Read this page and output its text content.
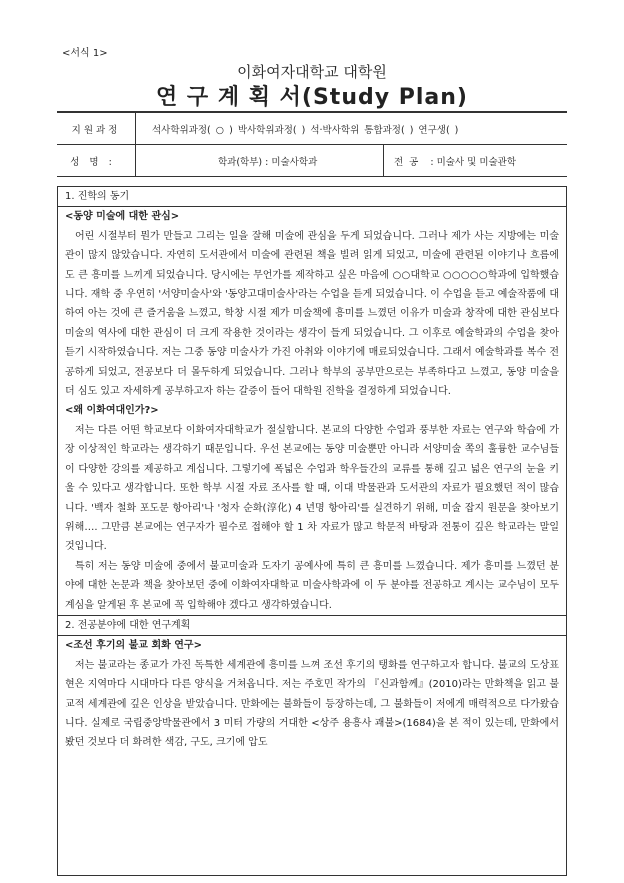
<서식 1>
이화여자대학교 대학원
연 구 계 획 서(Study Plan)
지원과정	석사학위과정( ○ ) 박사학위과정( ) 석·박사학위 통합과정( ) 연구생( )		
성명:		학과(학부) : 미술사학과	전공 : 미술사 및 미술관학
1. 진학의 동기
<동양 미술에 대한 관심>
어린 시절부터 뭔가 만들고 그리는 일을 잘해 미술에 관심을 두게 되었습니다. 그러나 제가 사는 지방에는 미술관이 많지 않았습니다. 자연히 도서관에서 미술에 관련된 책을 빌려 읽게 되었고, 미술에 관련된 이야기나 흐름에도 큰 흥미를 느끼게 되었습니다. 당시에는 무언가를 제작하고 싶은 마음에 ○○대학교 ○○○○○학과에 입학했습니다. 재학 중 우연히 '서양미술사'와 '동양고대미술사'라는 수업을 듣게 되었습니다. 이 수업을 듣고 예술작품에 대하여 아는 것에 큰 즐거움을 느꼈고, 학창 시절 제가 미술책에 흥미를 느꼈던 이유가 미술과 창작에 대한 관심보다 미술의 역사에 대한 관심이 더 크게 작용한 것이라는 생각이 들게 되었습니다. 그 이후로 예술학과의 수업을 찾아 듣기 시작하였습니다. 저는 그중 동양 미술사가 가진 아취와 이야기에 매료되었습니다. 그래서 예술학과를 복수 전공하게 되었고, 전공보다 더 몰두하게 되었습니다. 그러나 학부의 공부만으로는 부족하다고 느꼈고, 동양 미술을 더 심도 있고 자세하게 공부하고자 하는 갈증이 들어 대학원 진학을 결정하게 되었습니다.
<왜 이화여대인가?>
저는 다른 어떤 학교보다 이화여자대학교가 절실합니다. 본교의 다양한 수업과 풍부한 자료는 연구와 학습에 가장 이상적인 학교라는 생각하기 때문입니다. 우선 본교에는 동양 미술뿐만 아니라 서양미술 쪽의 훌륭한 교수님들이 다양한 강의를 제공하고 계십니다. 그렇기에 폭넓은 수업과 학우들간의 교류를 통해 깊고 넓은 연구의 눈을 키울 수 있다고 생각합니다. 또한 학부 시절 자료 조사를 할 때, 이대 박물관과 도서관의 자료가 필요했던 적이 많습니다. '백자 철화 포도문 항아리'나 '청자 순화(淳化) 4 년명 항아리'를 실견하기 위해, 미술 잡지 원문을 찾아보기 위해…. 그만큼 본교에는 연구자가 필수로 접해야 할 1 차 자료가 많고 학문적 바탕과 전통이 깊은 학교라는 말일 것입니다.
특히 저는 동양 미술에 중에서 불교미술과 도자기 공예사에 특히 큰 흥미를 느꼈습니다. 제가 흥미를 느꼈던 분야에 대한 논문과 책을 찾아보던 중에 이화여자대학교 미술사학과에 이 두 분야를 전공하고 계시는 교수님이 모두 계심을 알게된 후 본교에 꼭 입학해야 겠다고 생각하였습니다.
2. 전공분야에 대한 연구계획
<조선 후기의 불교 회화 연구>
저는 불교라는 종교가 가진 독특한 세계관에 흥미를 느껴 조선 후기의 탱화를 연구하고자 합니다. 불교의 도상표현은 지역마다 시대마다 다른 양식을 거쳐옵니다. 저는 주호민 작가의 『신과함께』(2010)라는 만화책을 읽고 불교적 세계관에 깊은 인상을 받았습니다. 만화에는 불화들이 등장하는데, 그 불화들이 저에게 매력적으로 다가왔습니다. 실제로 국립중앙박물관에서 3 미터 가량의 거대한 <상주 용흥사 괘불>(1684)을 본 적이 있는데, 만화에서 봤던 것보다 더 화려한 색감, 구도, 크기에 압도
